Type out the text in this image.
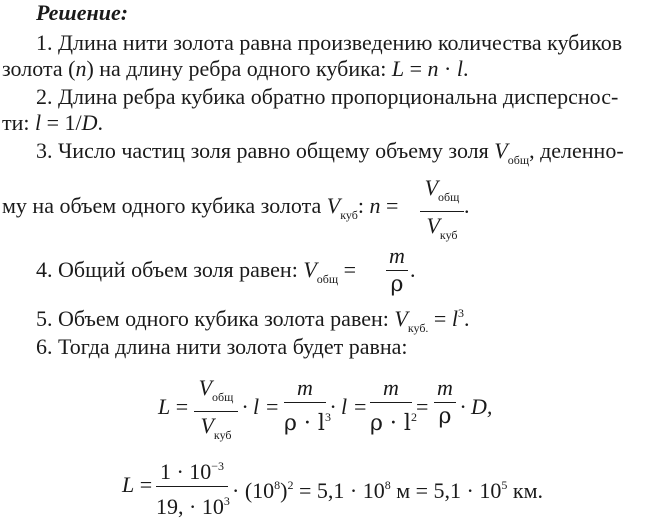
Решение:
1. Длина нити золота равна произведению количества кубиков
золота (n) на длину ребра одного кубика: L = n · l.
2. Длина ребра кубика обратно пропорциональна дисперснос-
ти: l = 1/D.
3. Число частиц золя равно общему объему золя $V_{общ}$, деленно-
му на объем одного кубика золота $V_{куб}$: n =
$V_{общ}$
$V_{куб}$
.
4. Общий объем золя равен: $V_{общ}$ =
m
ρ
.
5. Объем одного кубика золота равен: $V_{куб.} = l^3$.
6. Тогда длина нити золота будет равна:
L =
$V_{общ}$
$V_{куб}$
· l =
m
$\rho \cdot l^3 \cdot l$ =
m
$\rho \cdot l^2$ =
m
ρ · D,
L =
$1 \cdot 10^{-3}$
19, · $10^3 \cdot (10^8)^2 = 5,1 \cdot 10^8$ $м = 5,1 \cdot 10^5$ км.
